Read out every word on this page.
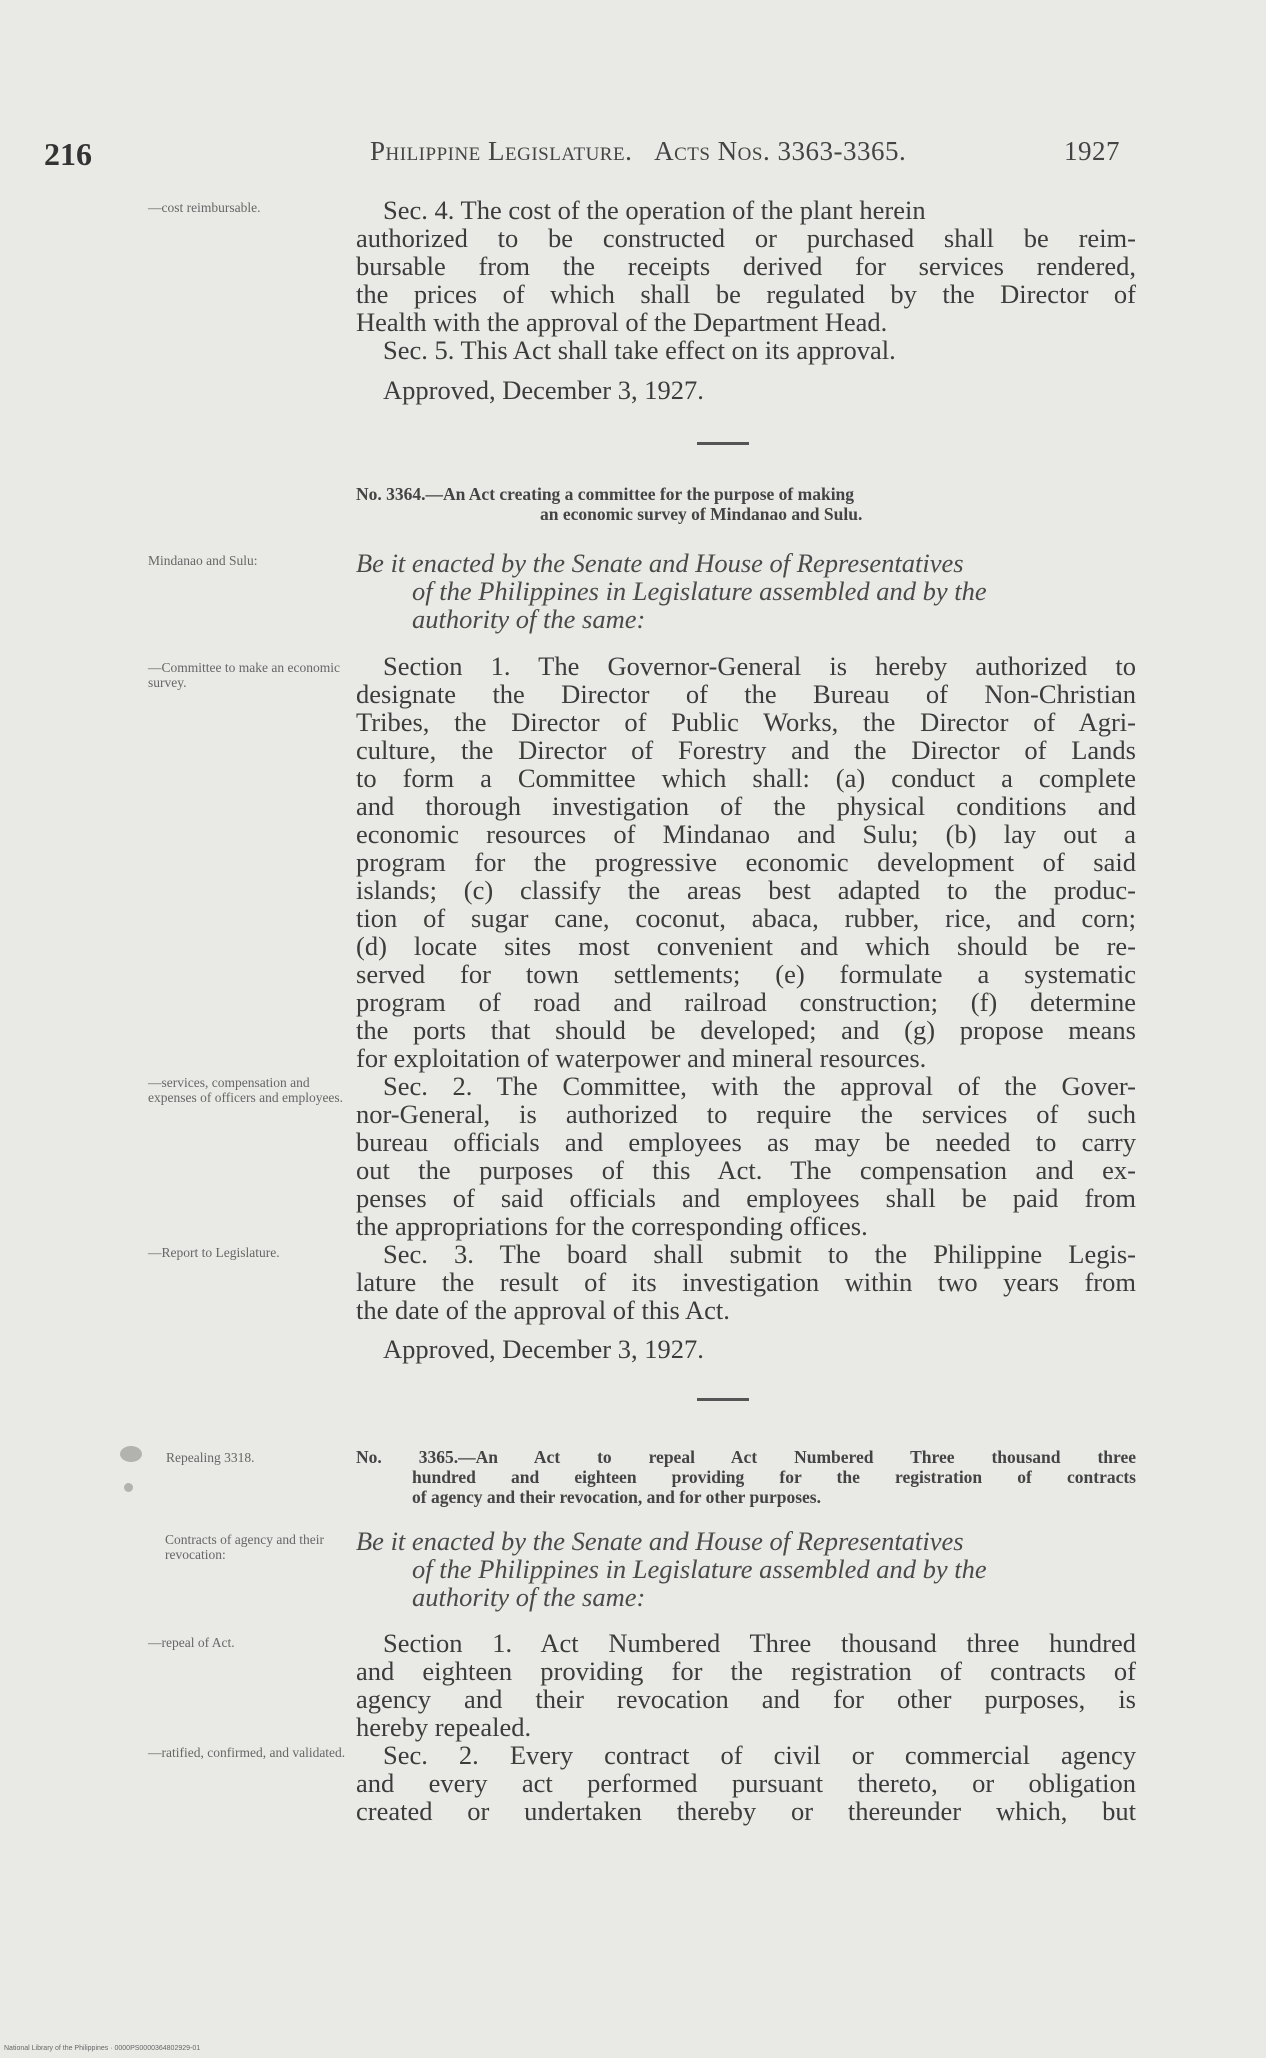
216	Philippine Legislature. Acts Nos. 3363-3365.	1927
—cost reimbursable.	Sec. 4. The cost of the operation of the plant herein
authorized to be constructed or purchased shall be reim-
bursable from the receipts derived for services rendered,
the prices of which shall be regulated by the Director of
Health with the approval of the Department Head.
Sec. 5. This Act shall take effect on its approval.
Approved, December 3, 1927.
No. 3364.—An Act creating a committee for the purpose of making
an economic survey of Mindanao and Sulu.
Mindanao and Sulu:	Be it enacted by the Senate and House of Representatives
of the Philippines in Legislature assembled and by the
authority of the same:
—Committee to make an economic survey.
Section 1. The Governor-General is hereby authorized to
designate the Director of the Bureau of Non-Christian
Tribes, the Director of Public Works, the Director of Agri-
culture, the Director of Forestry and the Director of Lands
to form a Committee which shall: (a) conduct a complete
and thorough investigation of the physical conditions and
economic resources of Mindanao and Sulu; (b) lay out a
program for the progressive economic development of said
islands; (c) classify the areas best adapted to the produc-
tion of sugar cane, coconut, abaca, rubber, rice, and corn;
(d) locate sites most convenient and which should be re-
served for town settlements; (e) formulate a systematic
program of road and railroad construction; (f) determine
the ports that should be developed; and (g) propose means
for exploitation of waterpower and mineral resources.
—services, compensation and expenses of officers and employees.	Sec. 2. The Committee, with the approval of the Gover-
nor-General, is authorized to require the services of such
bureau officials and employees as may be needed to carry
out the purposes of this Act. The compensation and ex-
penses of said officials and employees shall be paid from
the appropriations for the corresponding offices.
—Report to Legislature.	Sec. 3. The board shall submit to the Philippine Legis-
lature the result of its investigation within two years from
the date of the approval of this Act.
Approved, December 3, 1927.
Repealing 3318.	No. 3365.—An Act to repeal Act Numbered Three thousand three
hundred and eighteen providing for the registration of contracts
of agency and their revocation, and for other purposes.
Contracts of agency and their revocation:	Be it enacted by the Senate and House of Representatives
of the Philippines in Legislature assembled and by the
authority of the same:
—repeal of Act.	Section 1. Act Numbered Three thousand three hundred
and eighteen providing for the registration of contracts of
agency and their revocation and for other purposes, is
hereby repealed.
—ratified, confirmed, and validated. Sec. 2. Every contract of civil or commercial agency
and every act performed pursuant thereto, or obligation
created or undertaken thereby or thereunder which, but
National Library of the Philippines · 0000PS0000364802929-01
